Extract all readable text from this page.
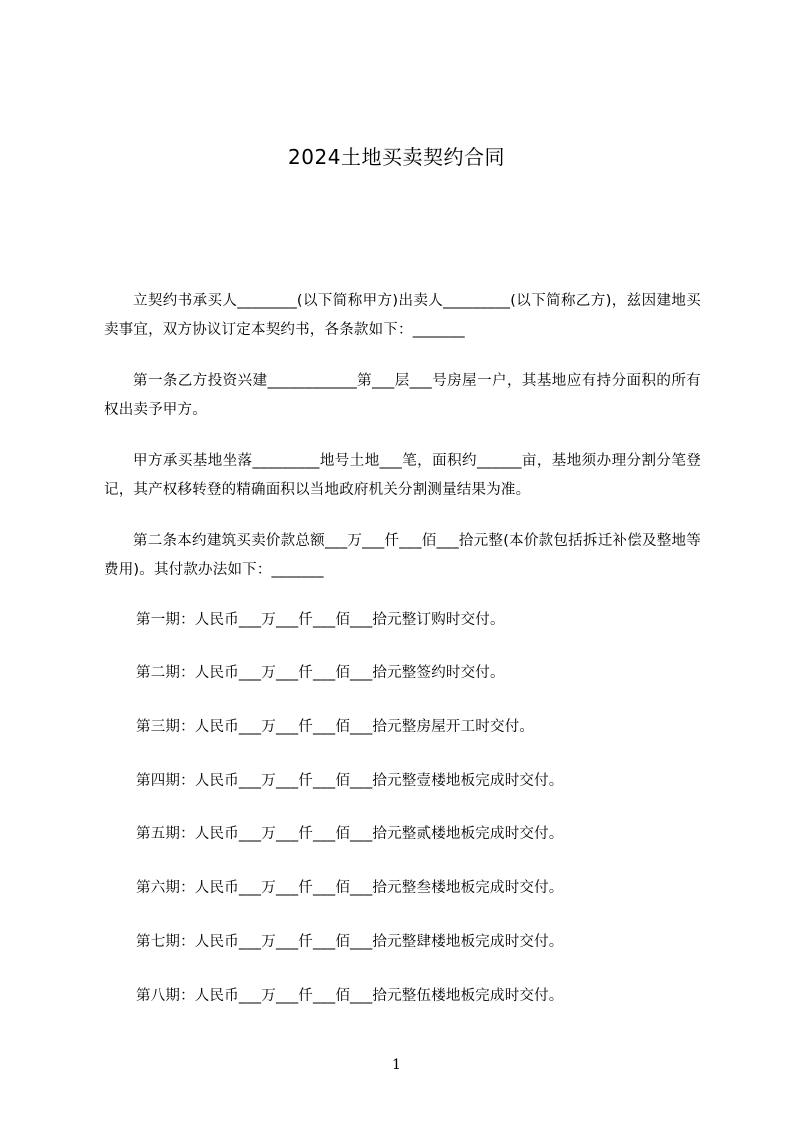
2024土地买卖契约合同

立契约书承买人________(以下简称甲方)出卖人_________(以下简称乙方)，兹因建地买卖事宜，双方协议订定本契约书，各条款如下：_______

第一条乙方投资兴建____________第___层___号房屋一户，其基地应有持分面积的所有权出卖予甲方。

甲方承买基地坐落_________地号土地___笔，面积约______亩，基地须办理分割分笔登记，其产权移转登的精确面积以当地政府机关分割测量结果为准。

第二条本约建筑买卖价款总额___万___仟___佰___拾元整(本价款包括拆迁补偿及整地等费用)。其付款办法如下：_______

第一期：人民币___万___仟___佰___拾元整订购时交付。
第二期：人民币___万___仟___佰___拾元整签约时交付。
第三期：人民币___万___仟___佰___拾元整房屋开工时交付。
第四期：人民币___万___仟___佰___拾元整壹楼地板完成时交付。
第五期：人民币___万___仟___佰___拾元整贰楼地板完成时交付。
第六期：人民币___万___仟___佰___拾元整叁楼地板完成时交付。
第七期：人民币___万___仟___佰___拾元整肆楼地板完成时交付。
第八期：人民币___万___仟___佰___拾元整伍楼地板完成时交付。
1
